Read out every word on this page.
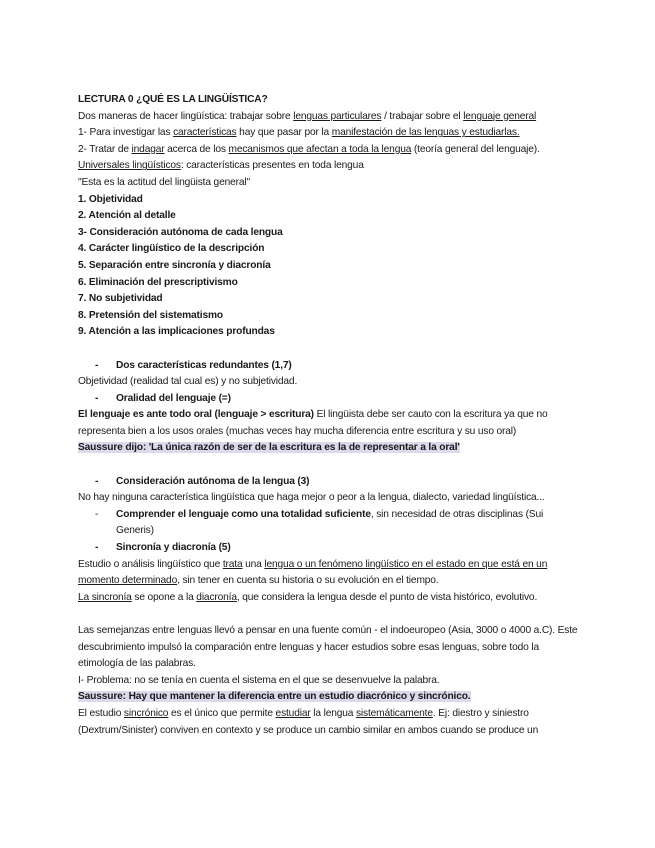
LECTURA 0 ¿QUÉ ES LA LINGÜÍSTICA?
Dos maneras de hacer lingüística: trabajar sobre lenguas particulares / trabajar sobre el lenguaje general
1- Para investigar las características hay que pasar por la manifestación de las lenguas y estudiarlas.
2- Tratar de indagar acerca de los mecanismos que afectan a toda la lengua (teoría general del lenguaje).
Universales lingüísticos: características presentes en toda lengua
"Esta es la actitud del lingüista general"
1. Objetividad
2. Atención al detalle
3- Consideración autónoma de cada lengua
4. Carácter lingüístico de la descripción
5. Separación entre sincronía y diacronía
6. Eliminación del prescriptivismo
7. No subjetividad
8. Pretensión del sistematismo
9. Atención a las implicaciones profundas
- Dos características redundantes (1,7)
Objetividad (realidad tal cual es) y no subjetividad.
- Oralidad del lenguaje (=)
El lenguaje es ante todo oral (lenguaje > escritura) El lingüista debe ser cauto con la escritura ya que no representa bien a los usos orales (muchas veces hay mucha diferencia entre escritura y su uso oral)
Saussure dijo: 'La única razón de ser de la escritura es la de representar a la oral'
- Consideración autónoma de la lengua (3)
No hay ninguna característica lingüística que haga mejor o peor a la lengua, dialecto, variedad lingüística...
- Comprender el lenguaje como una totalidad suficiente, sin necesidad de otras disciplinas (Sui Generis)
- Sincronía y diacronía (5)
Estudio o análisis lingüístico que trata una lengua o un fenómeno lingüístico en el estado en que está en un momento determinado, sin tener en cuenta su historia o su evolución en el tiempo.
La sincronía se opone a la diacronía, que considera la lengua desde el punto de vista histórico, evolutivo.
Las semejanzas entre lenguas llevó a pensar en una fuente común - el indoeuropeo (Asia, 3000 o 4000 a.C). Este descubrimiento impulsó la comparación entre lenguas y hacer estudios sobre esas lenguas, sobre todo la etimología de las palabras.
I- Problema: no se tenía en cuenta el sistema en el que se desenvuelve la palabra.
Saussure: Hay que mantener la diferencia entre un estudio diacrónico y sincrónico.
El estudio sincrónico es el único que permite estudiar la lengua sistemáticamente. Ej: diestro y siniestro (Dextrum/Sinister) conviven en contexto y se produce un cambio similar en ambos cuando se produce un
